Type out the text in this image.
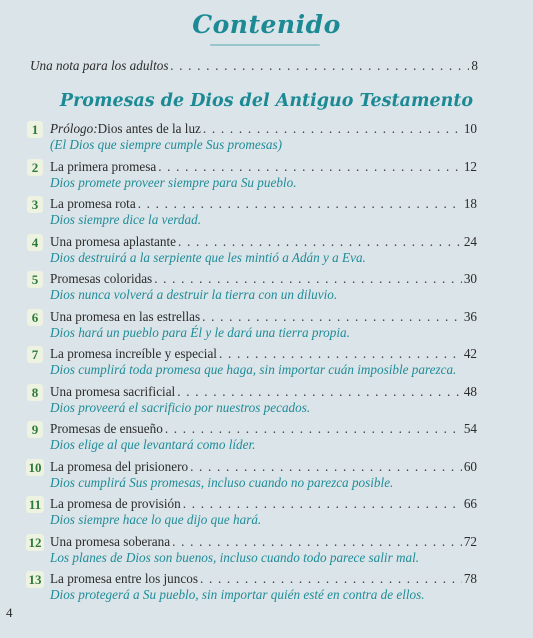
Contenido
Una nota para los adultos . . .	8
Promesas de Dios del Antiguo Testamento
1 Prólogo:Dios antes de la luz . . .	10
(El Dios que siempre cumple Sus promesas)
2 La primera promesa . . .	12
Dios promete proveer siempre para Su pueblo.
3 La promesa rota . . .	18
Dios siempre dice la verdad.
4 Una promesa aplastante . . .	24
Dios destruirá a la serpiente que les mintió a Adán y a Eva.
5 Promesas coloridas . . .	30
Dios nunca volverá a destruir la tierra con un diluvio.
6 Una promesa en las estrellas . . .	36
Dios hará un pueblo para Él y le dará una tierra propia.
7 La promesa increíble y especial . . .	42
Dios cumplirá toda promesa que haga, sin importar cuán imposible parezca.
8 Una promesa sacrificial . . .	48
Dios proveerá el sacrificio por nuestros pecados.
9 Promesas de ensueño . . .	54
Dios elige al que levantará como líder.
10 La promesa del prisionero . . .	60
Dios cumplirá Sus promesas, incluso cuando no parezca posible.
11 La promesa de provisión . . .	66
Dios siempre hace lo que dijo que hará.
12 Una promesa soberana . . .	72
Los planes de Dios son buenos, incluso cuando todo parece salir mal.
13 La promesa entre los juncos . . .	78
Dios protegerá a Su pueblo, sin importar quién esté en contra de ellos.
4
